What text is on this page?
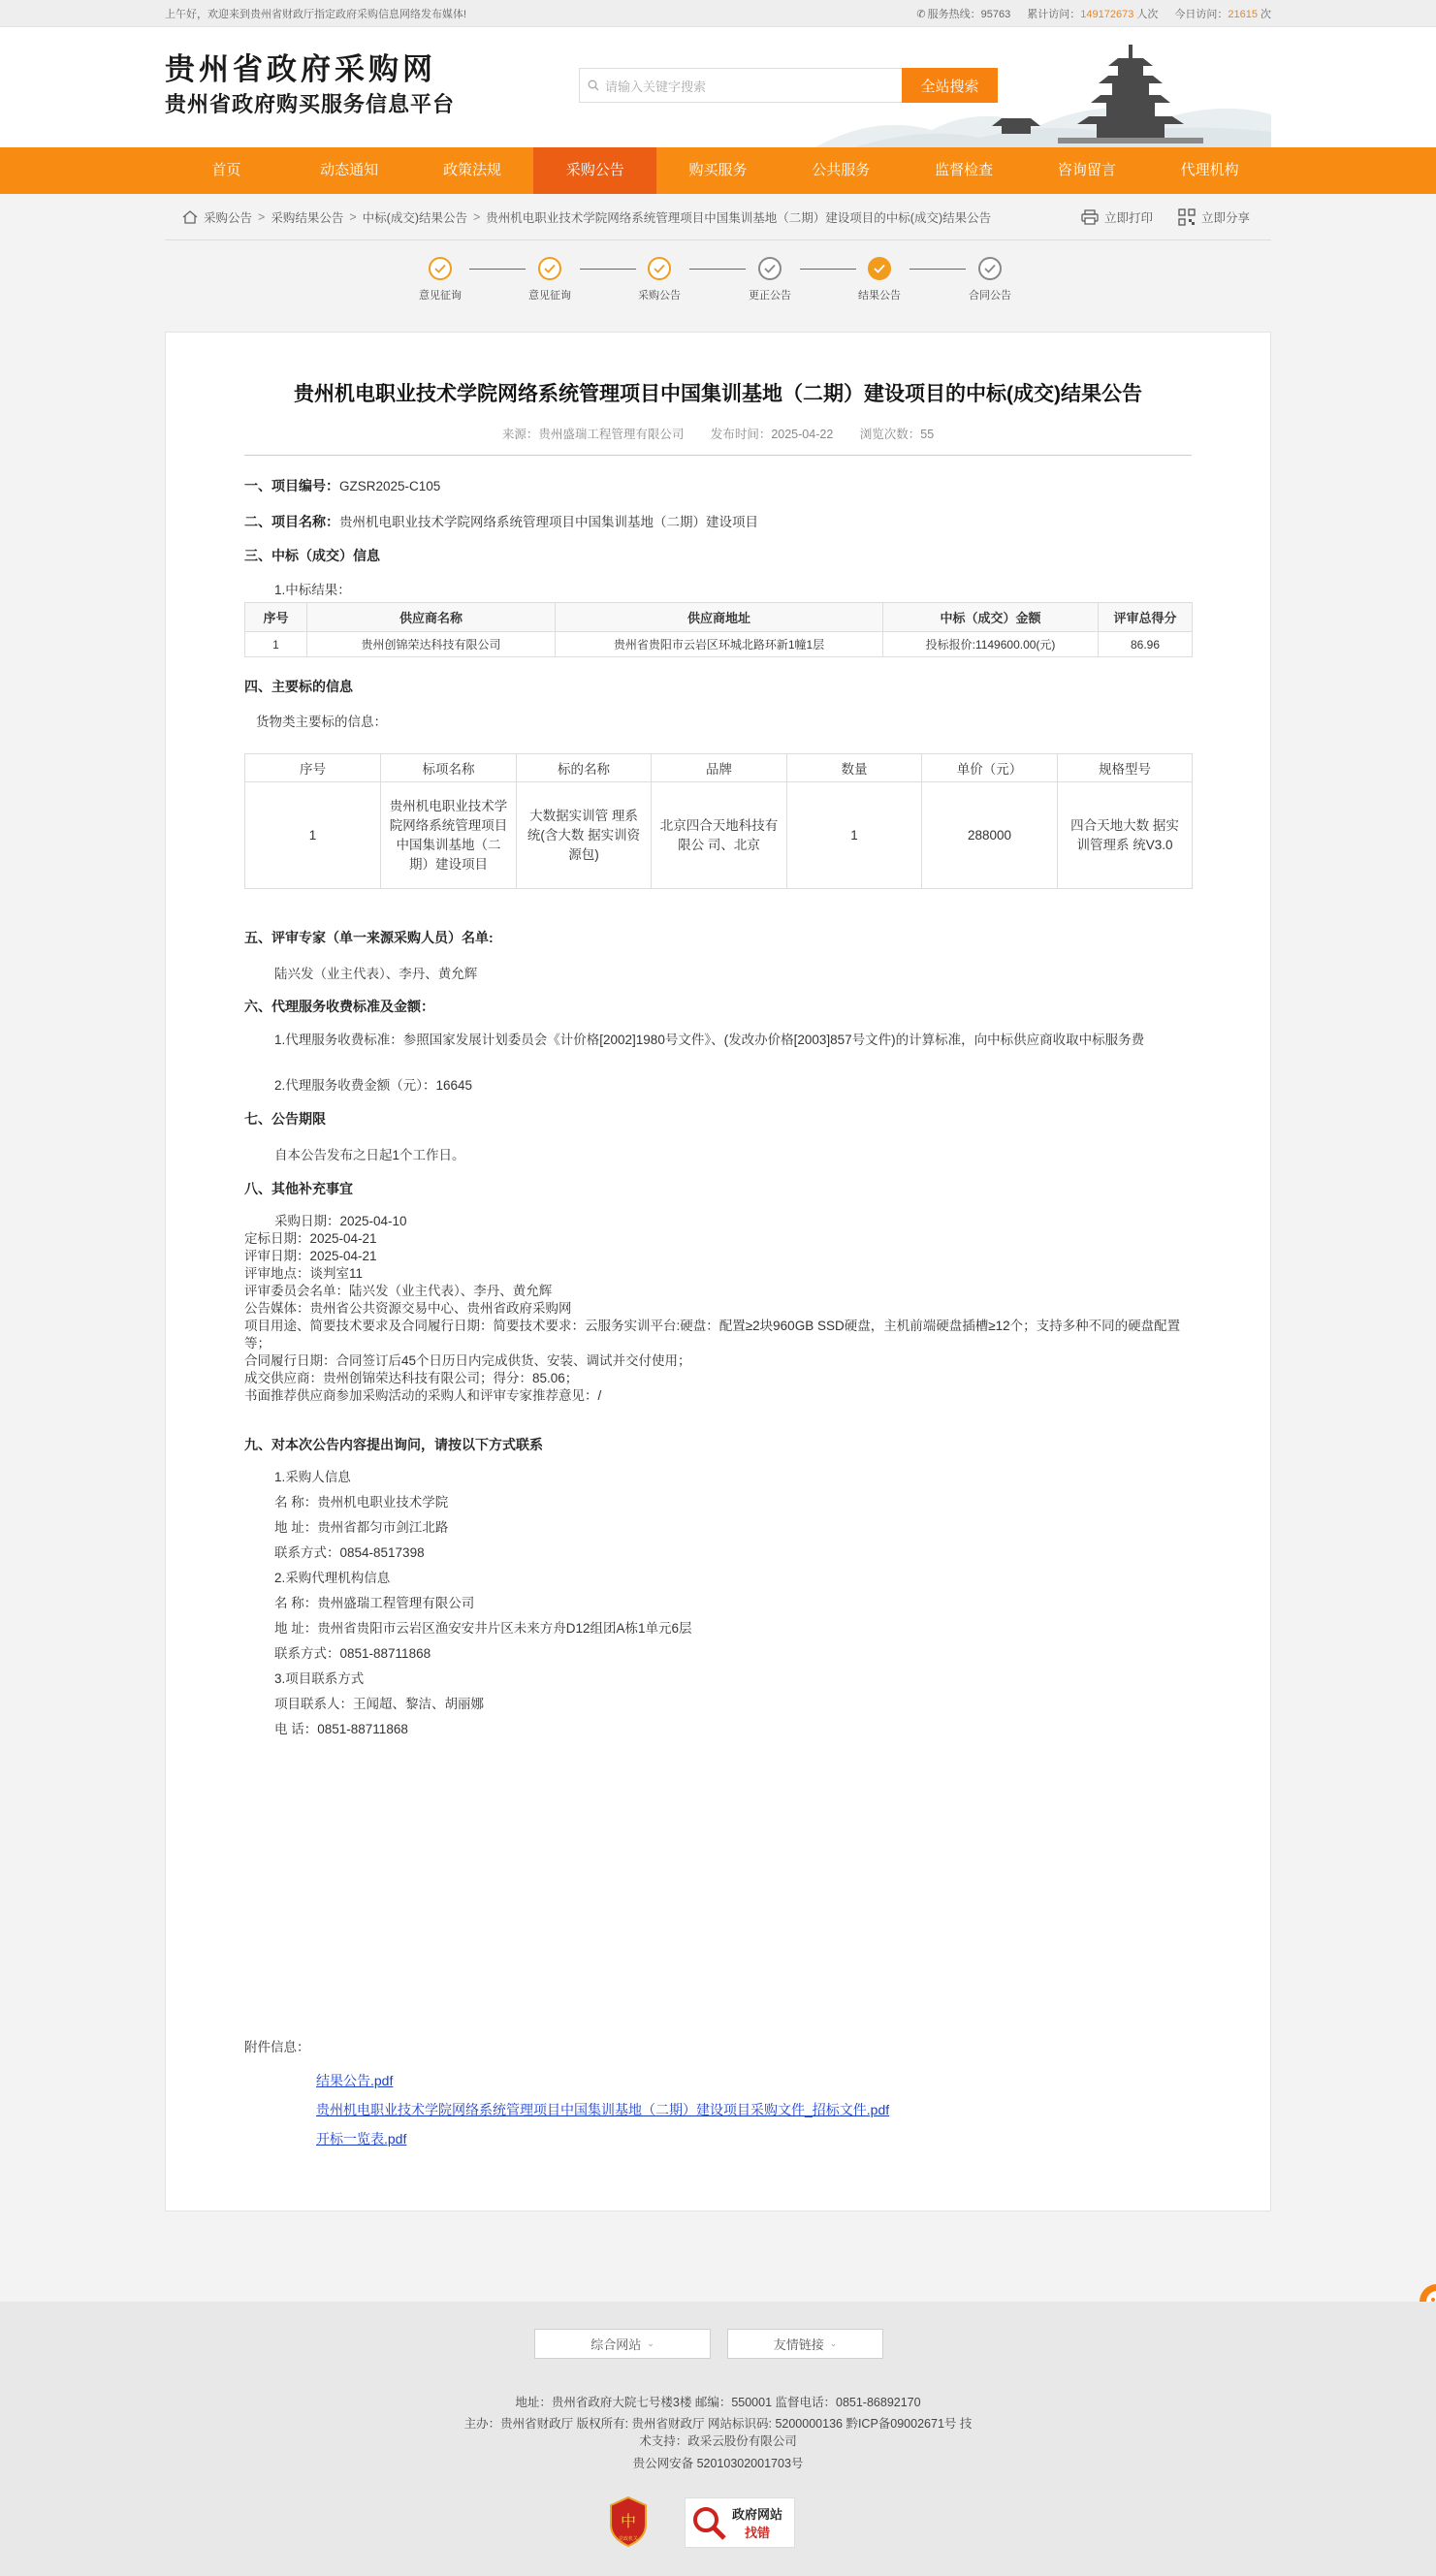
上午好，欢迎来到贵州省财政厅指定政府采购信息网络发布媒体!	✆ 服务热线：95763 累计访问：149172673 人次 今日访问：21615 次
贵州省政府采购网
贵州省政府购买服务信息平台
请输入关键字搜索	全站搜索
首页	动态通知	政策法规	采购公告	购买服务	公共服务	监督检查	咨询留言	代理机构
采购公告 > 采购结果公告 > 中标(成交)结果公告 > 贵州机电职业技术学院网络系统管理项目中国集训基地（二期）建设项目的中标(成交)结果公告	立即打印	立即分享
意见征询	意见征询	采购公告	更正公告	结果公告	合同公告
贵州机电职业技术学院网络系统管理项目中国集训基地（二期）建设项目的中标(成交)结果公告
来源：贵州盛瑞工程管理有限公司 发布时间：2025-04-22 浏览次数：55
一、项目编号：GZSR2025-C105
二、项目名称：贵州机电职业技术学院网络系统管理项目中国集训基地（二期）建设项目
三、中标（成交）信息
1.中标结果：
序号	供应商名称	供应商地址	中标（成交）金额	评审总得分
1	贵州创锦荣达科技有限公司	贵州省贵阳市云岩区环城北路环新1幢1层	投标报价:1149600.00(元)	86.96
四、主要标的信息
货物类主要标的信息：
序号	标项名称	标的名称	品牌	数量	单价（元）	规格型号
1	贵州机电职业技术学院网络系统管理项目中国集训基地（二期）建设项目	大数据实训管 理系统(含大数 据实训资源包)	北京四合天地科技有限公 司、北京	1	288000	四合天地大数 据实训管理系 统V3.0
五、评审专家（单一来源采购人员）名单:
陆兴发（业主代表）、李丹、黄允辉
六、代理服务收费标准及金额：
1.代理服务收费标准：参照国家发展计划委员会《计价格[2002]1980号文件》、(发改办价格[2003]857号文件)的计算标准，向中标供应商收取中标服务费
2.代理服务收费金额（元）：16645
七、公告期限
自本公告发布之日起1个工作日。
八、其他补充事宜
采购日期：2025-04-10
定标日期：2025-04-21
评审日期：2025-04-21
评审地点：谈判室11
评审委员会名单：陆兴发（业主代表）、李丹、黄允辉
公告媒体：贵州省公共资源交易中心、贵州省政府采购网
项目用途、简要技术要求及合同履行日期：简要技术要求：云服务实训平台:硬盘：配置≥2块960GB SSD硬盘，主机前端硬盘插槽≥12个；支持多种不同的硬盘配置等；
合同履行日期：合同签订后45个日历日内完成供货、安装、调试并交付使用；
成交供应商：贵州创锦荣达科技有限公司；得分：85.06；
书面推荐供应商参加采购活动的采购人和评审专家推荐意见：/
九、对本次公告内容提出询问，请按以下方式联系
1.采购人信息
名 称：贵州机电职业技术学院
地 址：贵州省都匀市剑江北路
联系方式：0854-8517398
2.采购代理机构信息
名 称：贵州盛瑞工程管理有限公司
地 址：贵州省贵阳市云岩区渔安安井片区未来方舟D12组团A栋1单元6层
联系方式：0851-88711868
3.项目联系方式
项目联系人：王闻超、黎洁、胡丽娜
电 话：0851-88711868
附件信息：
结果公告.pdf
贵州机电职业技术学院网络系统管理项目中国集训基地（二期）建设项目采购文件_招标文件.pdf
开标一览表.pdf
综合网站 ⌄	友情链接 ⌄
地址：贵州省政府大院七号楼3楼 邮编：550001 监督电话：0851-86892170
主办：贵州省财政厅 版权所有: 贵州省财政厅 网站标识码: 5200000136 黔ICP备09002671号 技
术支持：政采云股份有限公司
贵公网安备 52010302001703号
中
党政机关
政府网站
找错
